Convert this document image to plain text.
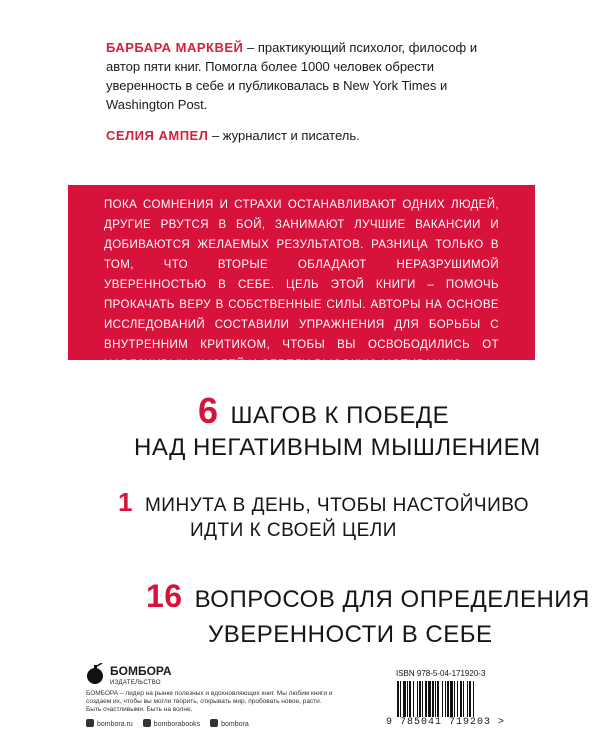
БАРБАРА МАРКВЕЙ – практикующий психолог, философ и автор пяти книг. Помогла более 1000 человек обрести уверенность в себе и публиковалась в New York Times и Washington Post.
СЕЛИЯ АМПЕЛ – журналист и писатель.

ПОКА СОМНЕНИЯ И СТРАХИ ОСТАНАВЛИВАЮТ ОДНИХ ЛЮДЕЙ, ДРУГИЕ РВУТСЯ В БОЙ, ЗАНИМАЮТ ЛУЧШИЕ ВАКАНСИИ И ДОБИВАЮТСЯ ЖЕЛАЕМЫХ РЕЗУЛЬТАТОВ. РАЗНИЦА ТОЛЬКО В ТОМ, ЧТО ВТОРЫЕ ОБЛАДАЮТ НЕРАЗРУШИМОЙ УВЕРЕННОСТЬЮ В СЕБЕ. ЦЕЛЬ ЭТОЙ КНИГИ – ПОМОЧЬ ПРОКАЧАТЬ ВЕРУ В СОБСТВЕННЫЕ СИЛЫ. АВТОРЫ НА ОСНОВЕ ИССЛЕДОВАНИЙ СОСТАВИЛИ УПРАЖНЕНИЯ ДЛЯ БОРЬБЫ С ВНУТРЕННИМ КРИТИКОМ, ЧТОБЫ ВЫ ОСВОБОДИЛИСЬ ОТ НАВЯЗЧИВЫХ МЫСЛЕЙ И ОБРЕЛИ ВЫСОКУЮ МОТИВАЦИЮ.

6 ШАГОВ К ПОБЕДЕ
НАД НЕГАТИВНЫМ МЫШЛЕНИЕМ
1 МИНУТА В ДЕНЬ, ЧТОБЫ НАСТОЙЧИВО
ИДТИ К СВОЕЙ ЦЕЛИ
16 ВОПРОСОВ ДЛЯ ОПРЕДЕЛЕНИЯ
УВЕРЕННОСТИ В СЕБЕ
БОМБОРА
ИЗДАТЕЛЬСТВО
БОМБОРА – лидер на рынке полезных и вдохновляющих книг. Мы любим книги и создаем их, чтобы вы могли творить, открывать мир, пробовать новое, расти. Быть счастливыми. Быть на волне.
bombora.ru	bomborabooks	bombora
ISBN 978-5-04-171920-3
9 785041 719203 >
